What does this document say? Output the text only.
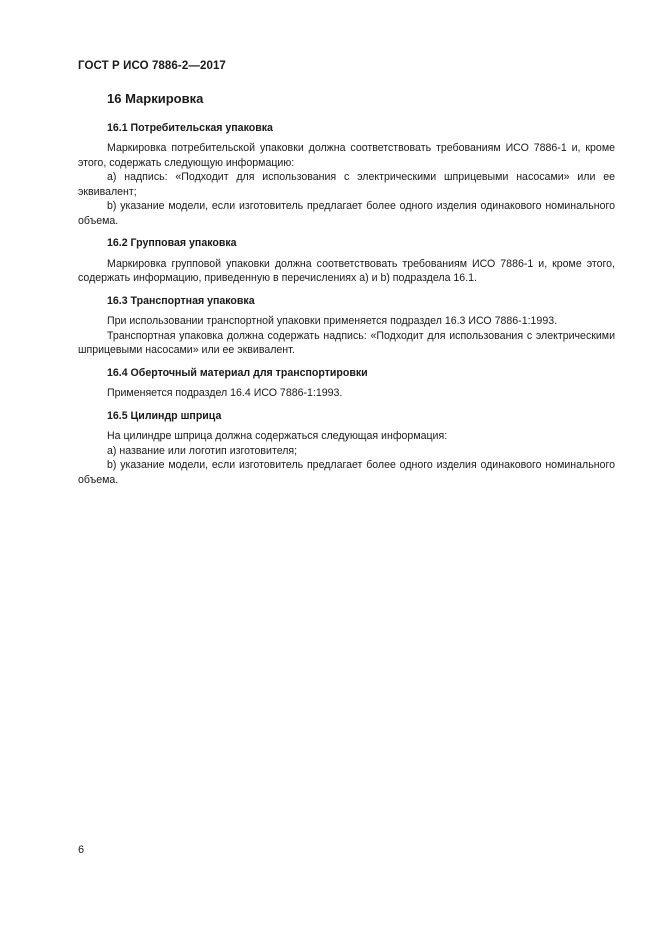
ГОСТ Р ИСО 7886-2—2017
16 Маркировка
16.1 Потребительская упаковка

Маркировка потребительской упаковки должна соответствовать требованиям ИСО 7886-1 и, кроме этого, содержать следующую информацию:

a) надпись: «Подходит для использования с электрическими шприцевыми насосами» или ее эквивалент;

b) указание модели, если изготовитель предлагает более одного изделия одинакового номинального объема.

16.2 Групповая упаковка

Маркировка групповой упаковки должна соответствовать требованиям ИСО 7886-1 и, кроме этого, содержать информацию, приведенную в перечислениях a) и b) подраздела 16.1.

16.3 Транспортная упаковка

При использовании транспортной упаковки применяется подраздел 16.3 ИСО 7886-1:1993.

Транспортная упаковка должна содержать надпись: «Подходит для использования с электрическими шприцевыми насосами» или ее эквивалент.

16.4 Оберточный материал для транспортировки

Применяется подраздел 16.4 ИСО 7886-1:1993.

16.5 Цилиндр шприца

На цилиндре шприца должна содержаться следующая информация:

a) название или логотип изготовителя;

b) указание модели, если изготовитель предлагает более одного изделия одинакового номинального объема.

6
